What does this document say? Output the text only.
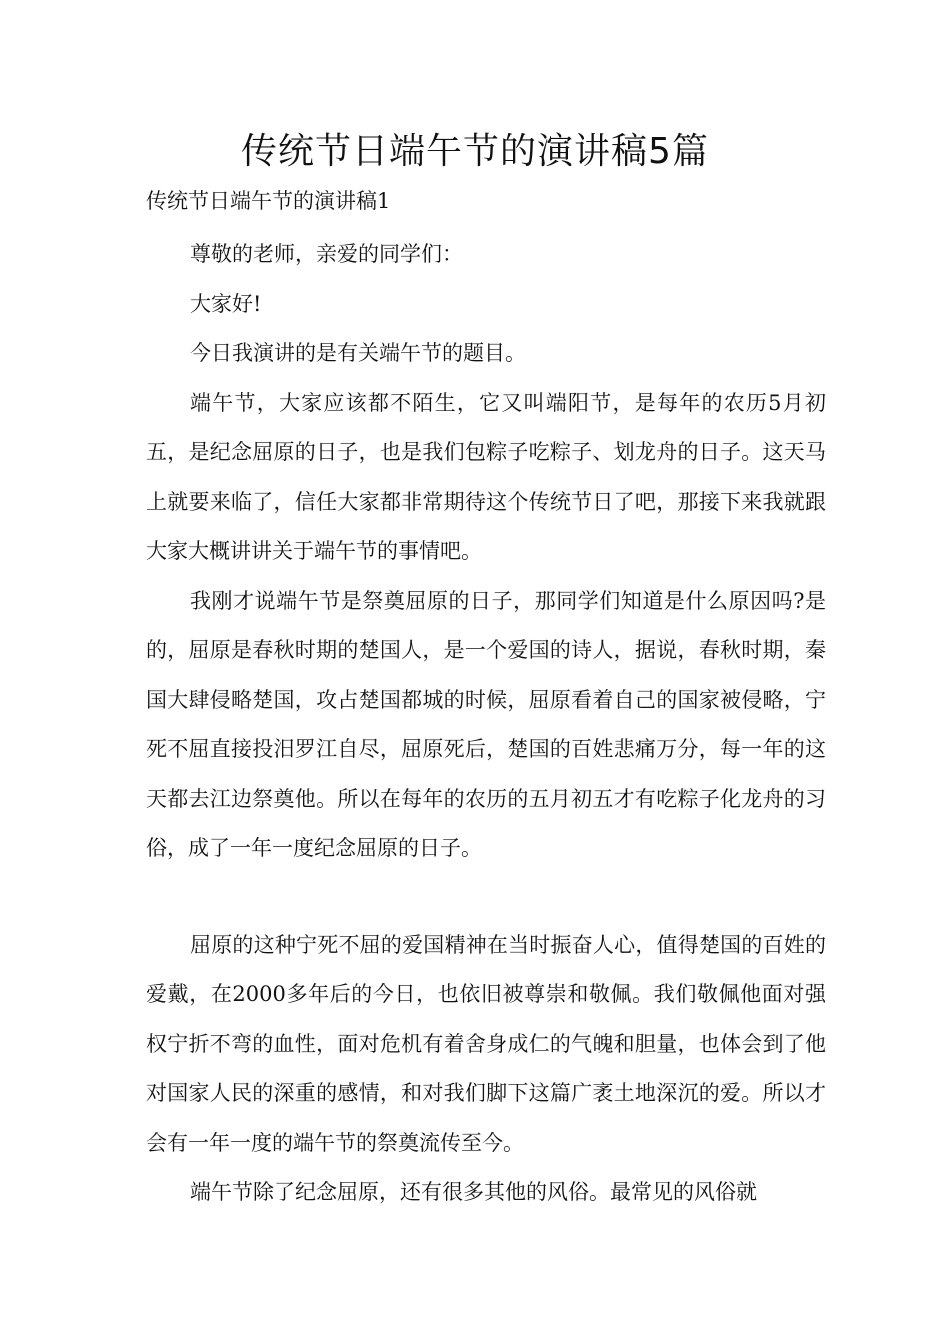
传统节日端午节的演讲稿5篇

传统节日端午节的演讲稿1

尊敬的老师，亲爱的同学们：

大家好!

今日我演讲的是有关端午节的题目。

端午节，大家应该都不陌生，它又叫端阳节，是每年的农历5月初五，是纪念屈原的日子，也是我们包粽子吃粽子、划龙舟的日子。这天马上就要来临了，信任大家都非常期待这个传统节日了吧，那接下来我就跟大家大概讲讲关于端午节的事情吧。

我刚才说端午节是祭奠屈原的日子，那同学们知道是什么原因吗?是的，屈原是春秋时期的楚国人，是一个爱国的诗人，据说，春秋时期，秦国大肆侵略楚国，攻占楚国都城的时候，屈原看着自己的国家被侵略，宁死不屈直接投汨罗江自尽，屈原死后，楚国的百姓悲痛万分，每一年的这天都去江边祭奠他。所以在每年的农历的五月初五才有吃粽子化龙舟的习俗，成了一年一度纪念屈原的日子。

屈原的这种宁死不屈的爱国精神在当时振奋人心，值得楚国的百姓的爱戴，在2000多年后的今日，也依旧被尊崇和敬佩。我们敬佩他面对强权宁折不弯的血性，面对危机有着舍身成仁的气魄和胆量，也体会到了他对国家人民的深重的感情，和对我们脚下这篇广袤土地深沉的爱。所以才会有一年一度的端午节的祭奠流传至今。

端午节除了纪念屈原，还有很多其他的风俗。最常见的风俗就
